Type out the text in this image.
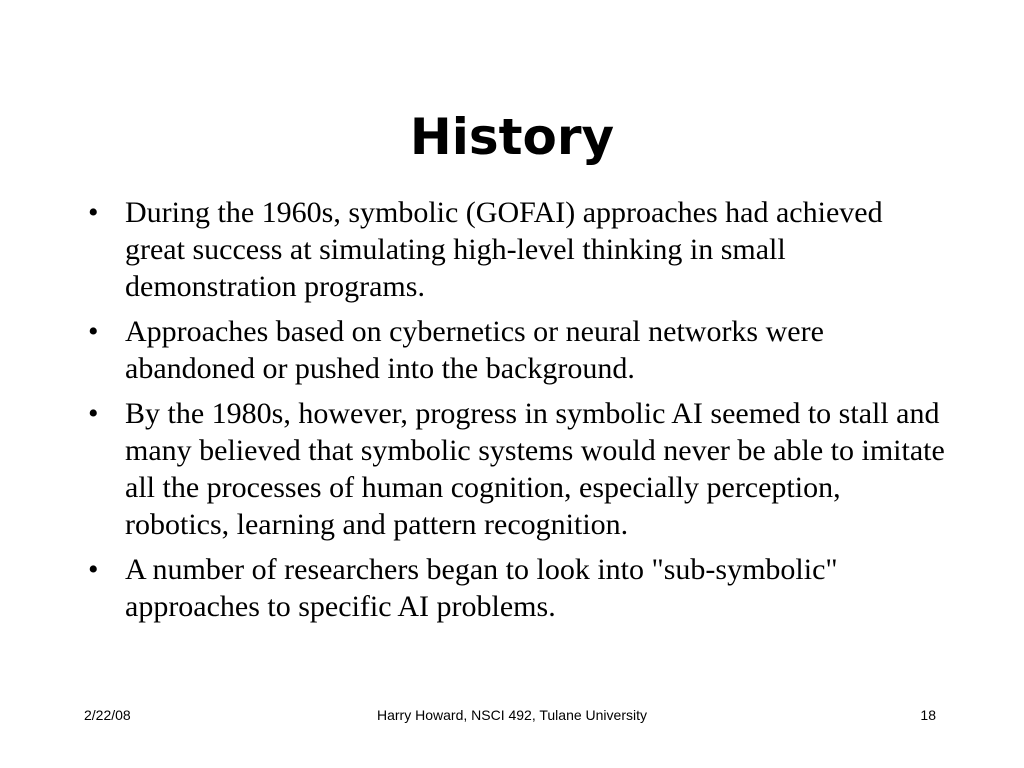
History
• During the 1960s, symbolic (GOFAI) approaches had achieved great success at simulating high-level thinking in small demonstration programs.
• Approaches based on cybernetics or neural networks were abandoned or pushed into the background.
• By the 1980s, however, progress in symbolic AI seemed to stall and many believed that symbolic systems would never be able to imitate all the processes of human cognition, especially perception, robotics, learning and pattern recognition.
• A number of researchers began to look into "sub-symbolic" approaches to specific AI problems.
2/22/08	Harry Howard, NSCI 492, Tulane University	18
